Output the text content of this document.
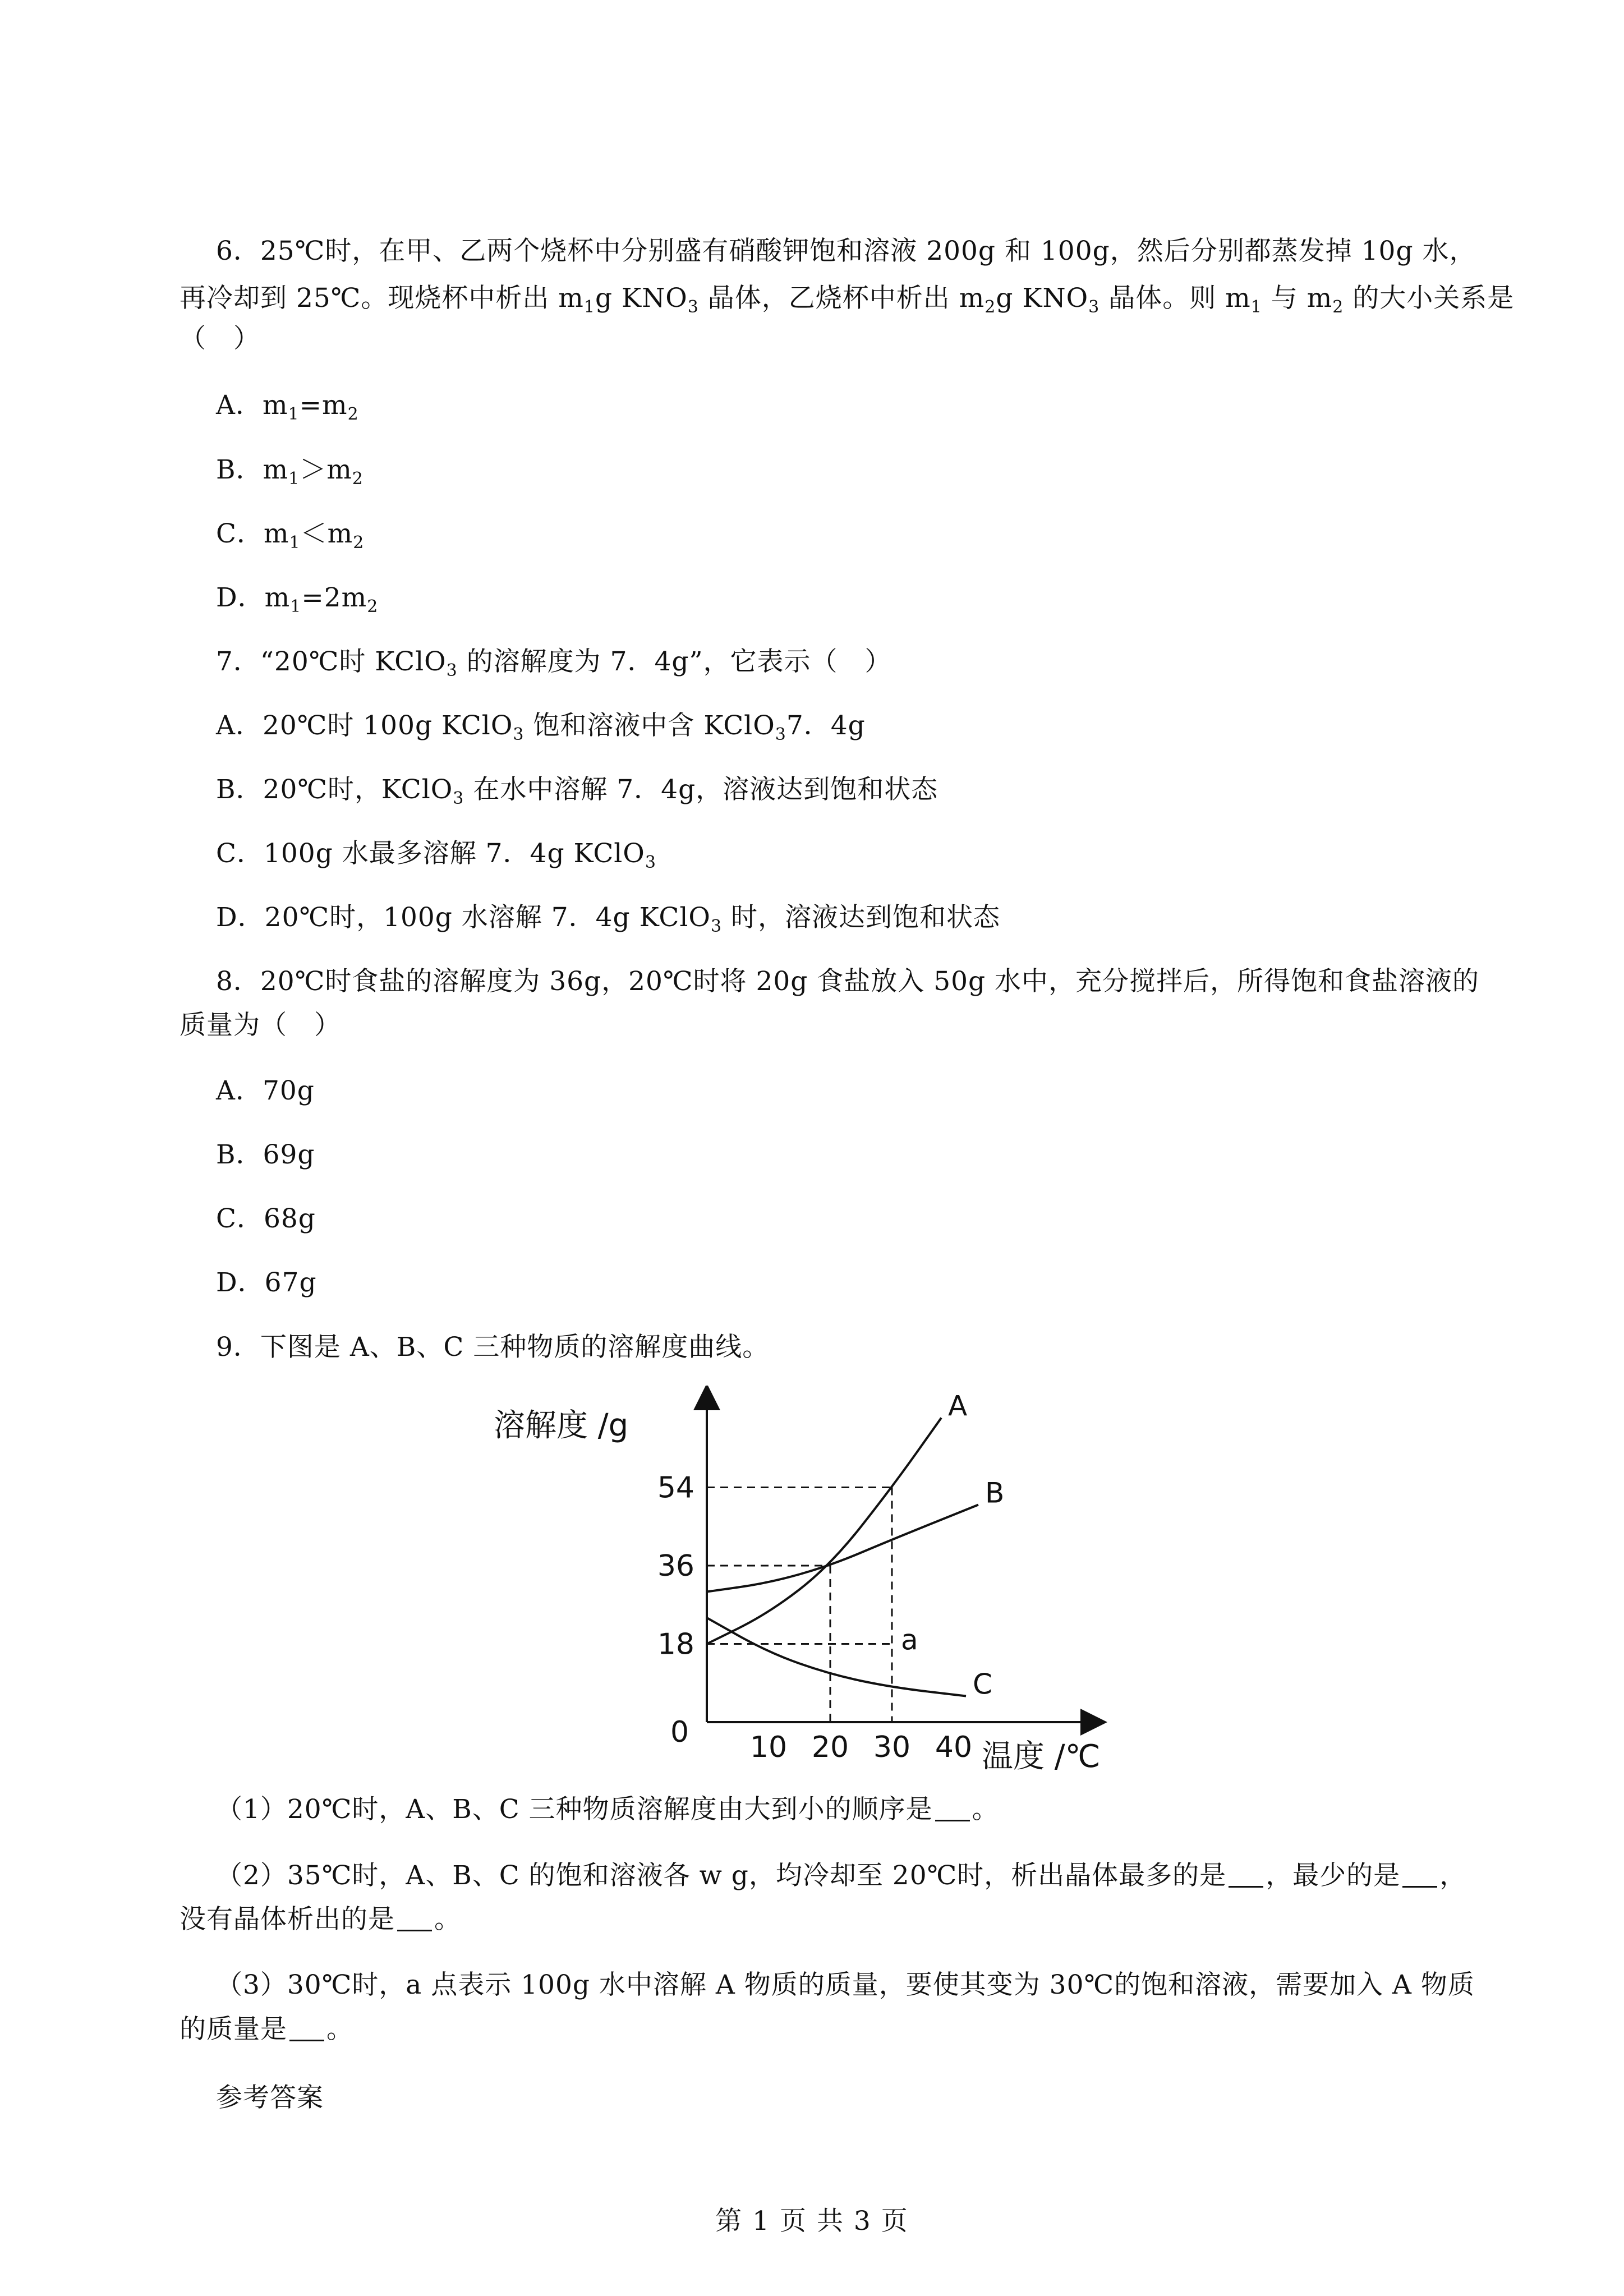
6．25℃时，在甲、乙两个烧杯中分别盛有硝酸钾饱和溶液 200g 和 100g，然后分别都蒸发掉 10g 水，

再冷却到 25℃。现烧杯中析出 $m_1g$ $KNO_3$ 晶体，乙烧杯中析出 $m_2g$ $KNO_3$ 晶体。则 $m_1$ 与 $m_2$ 的大小关系是

（　）

A．$m_1=m_2$

B．$m_1>m_2$

C．$m_1<m_2$

D．$m_1=2m_2$

7．“20℃时 KClO$_3$ 的溶解度为 7．4g”，它表示（　）

A．20℃时 100g KClO$_3$ 饱和溶液中含 KClO$_3$7．4g

B．20℃时，KClO$_3$ 在水中溶解 7．4g，溶液达到饱和状态

C．100g 水最多溶解 7．4g KClO$_3$

D．20℃时，100g 水溶解 7．4g KClO$_3$ 时，溶液达到饱和状态

8．20℃时食盐的溶解度为 36g，20℃时将 20g 食盐放入 50g 水中，充分搅拌后，所得饱和食盐溶液的

质量为（　）

A．70g

B．69g

C．68g

D．67g

9．下图是 A、B、C 三种物质的溶解度曲线。

溶解度 /g
温度 /℃
0 10 20 30 40
18
36
54
A
B
C
a

（1）20℃时，A、B、C 三种物质溶解度由大到小的顺序是 。

（2）35℃时，A、B、C 的饱和溶液各 w g，均冷却至 20℃时，析出晶体最多的是 ，最少的是 ，

没有晶体析出的是 。

（3）30℃时，a 点表示 100g 水中溶解 A 物质的质量，要使其变为 30℃的饱和溶液，需要加入 A 物质

的质量是 。

参考答案

第 1 页 共 3 页
